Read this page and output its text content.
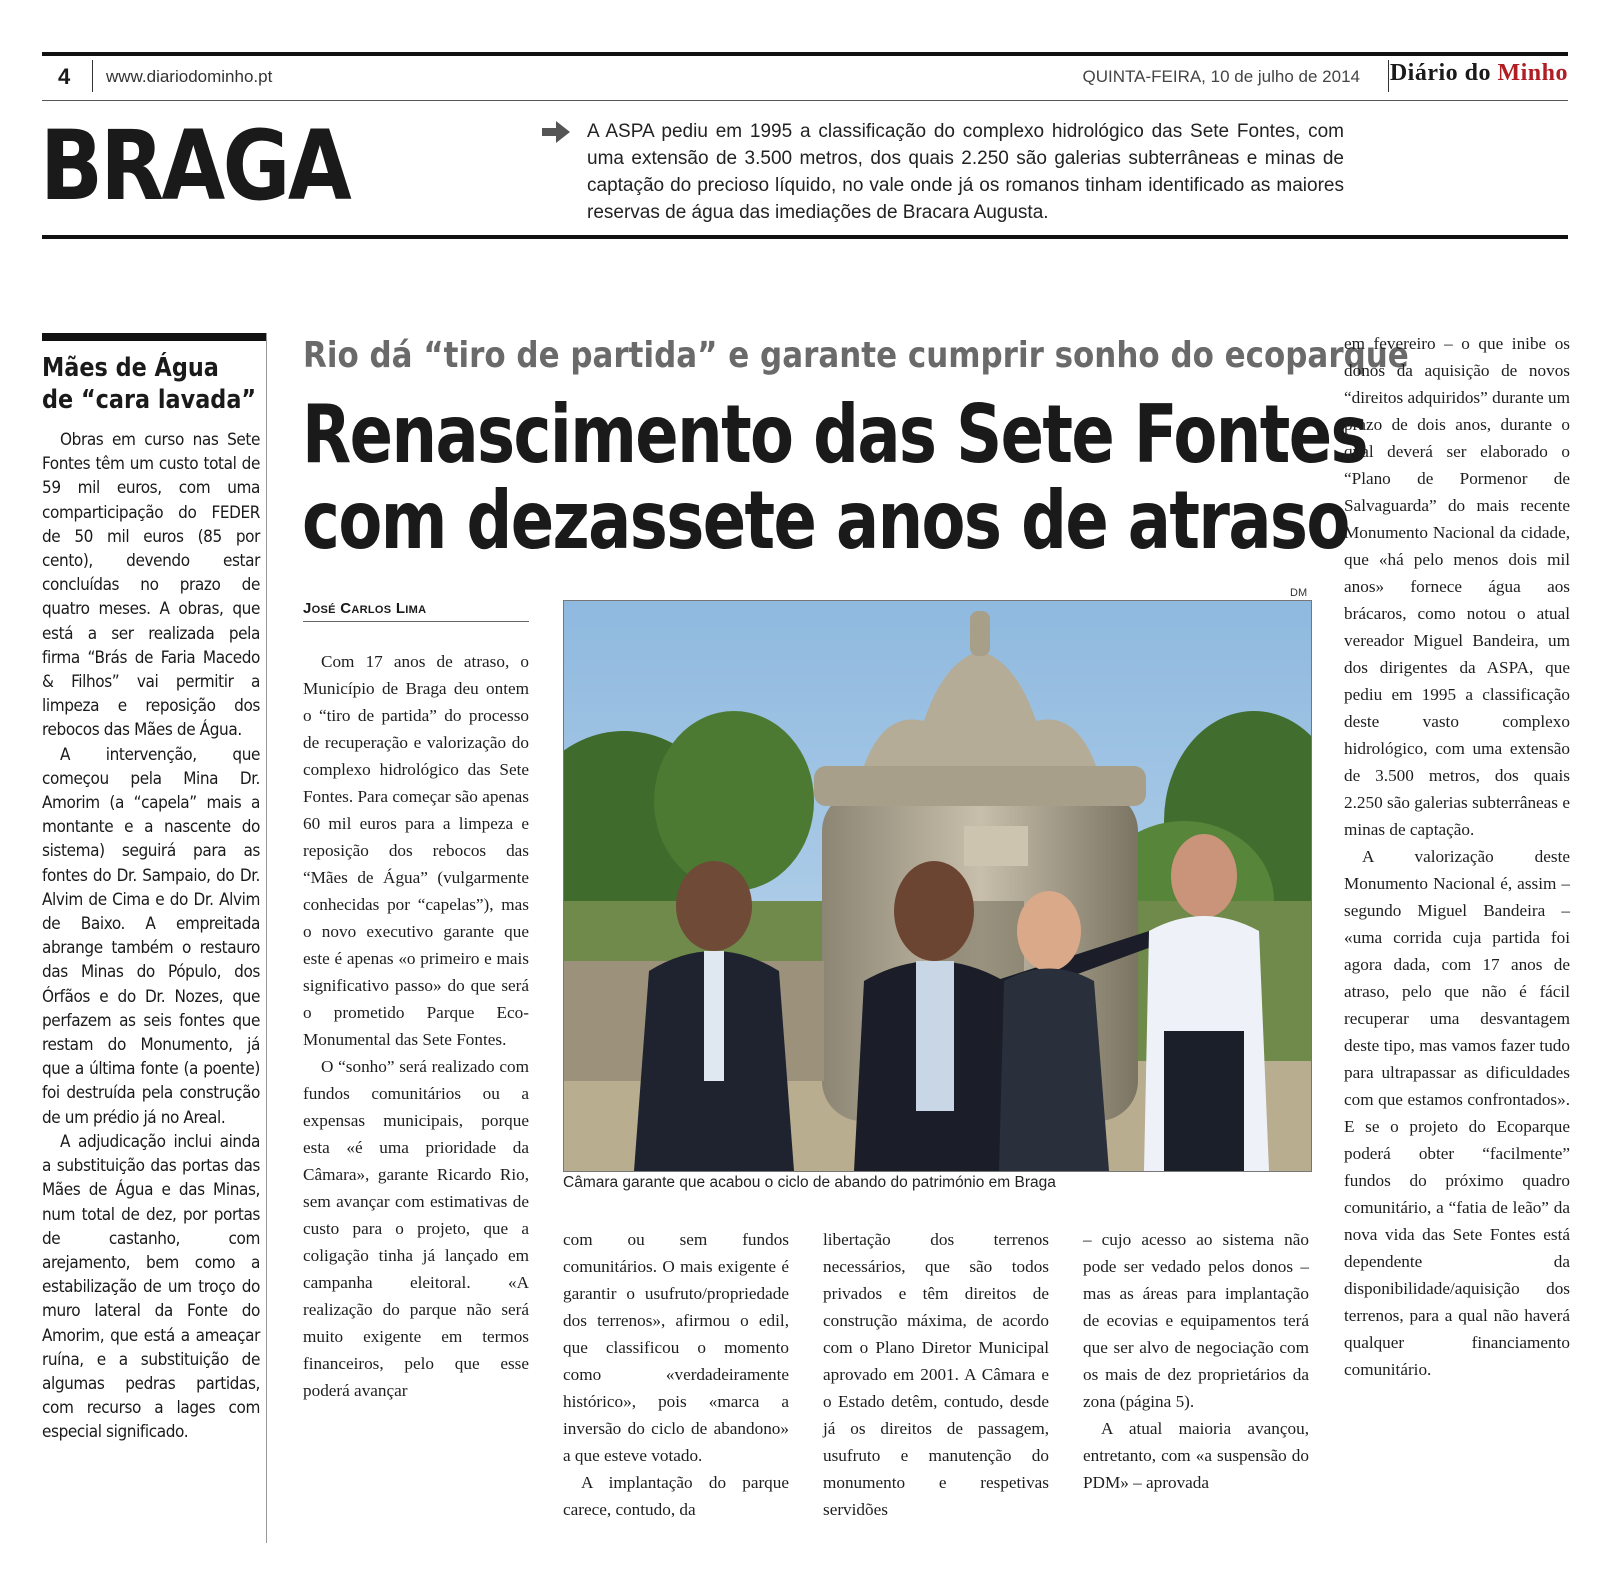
4 www.diariodominho.pt	QUINTA-FEIRA, 10 de julho de 2014 Diário do Minho
BRAGA	A ASPA pediu em 1995 a classificação do complexo hidrológico das Sete Fontes, com uma extensão de 3.500 metros, dos quais 2.250 são galerias subterrâneas e minas de captação do precioso líquido, no vale onde já os romanos tinham identificado as maiores reservas de água das imediações de Bracara Augusta.
Mães de Água
de “cara lavada”

Obras em curso nas Sete Fontes têm um custo total de 59 mil euros, com uma comparticipação do FEDER de 50 mil euros (85 por cento), devendo estar concluídas no prazo de quatro meses. A obras, que está a ser realizada pela firma “Brás de Faria Macedo & Filhos” vai permitir a limpeza e reposição dos rebocos das Mães de Água.

A intervenção, que começou pela Mina Dr. Amorim (a “capela” mais a montante e a nascente do sistema) seguirá para as fontes do Dr. Sampaio, do Dr. Alvim de Cima e do Dr. Alvim de Baixo. A empreitada abrange também o restauro das Minas do Pópulo, dos Órfãos e do Dr. Nozes, que perfazem as seis fontes que restam do Monumento, já que a última fonte (a poente) foi destruída pela construção de um prédio já no Areal.

A adjudicação inclui ainda a substituição das portas das Mães de Água e das Minas, num total de dez, por portas de castanho, com arejamento, bem como a estabilização de um troço do muro lateral da Fonte do Amorim, que está a ameaçar ruína, e a substituição de algumas pedras partidas, com recurso a lages com especial significado.

Rio dá “tiro de partida” e garante cumprir sonho do ecoparque
Renascimento das Sete Fontes
com dezassete anos de atraso
José Carlos Lima

Com 17 anos de atraso, o Município de Braga deu ontem o “tiro de partida” do processo de recuperação e valorização do complexo hidrológico das Sete Fontes. Para começar são apenas 60 mil euros para a limpeza e reposição dos rebocos das “Mães de Água” (vulgarmente conhecidas por “capelas”), mas o novo executivo garante que este é apenas «o primeiro e mais significativo passo» do que será o prometido Parque Eco-Monumental das Sete Fontes.

O “sonho” será realizado com fundos comunitários ou a expensas municipais, porque esta «é uma prioridade da Câmara», garante Ricardo Rio, sem avançar com estimativas de custo para o projeto, que a coligação tinha já lançado em campanha eleitoral. «A realização do parque não será muito exigente em termos financeiros, pelo que esse poderá avançar

DM
Câmara garante que acabou o ciclo de abando do património em Braga

com ou sem fundos comunitários. O mais exigente é garantir o usufruto/propriedade dos terrenos», afirmou o edil, que classificou o momento como «verdadeiramente histórico», pois «marca a inversão do ciclo de abandono» a que esteve votado.

A implantação do parque carece, contudo, da

libertação dos terrenos necessários, que são todos privados e têm direitos de construção máxima, de acordo com o Plano Diretor Municipal aprovado em 2001. A Câmara e o Estado detêm, contudo, desde já os direitos de passagem, usufruto e manutenção do monumento e respetivas servidões

– cujo acesso ao sistema não pode ser vedado pelos donos – mas as áreas para implantação de ecovias e equipamentos terá que ser alvo de negociação com os mais de dez proprietários da zona (página 5).

A atual maioria avançou, entretanto, com «a suspensão do PDM» – aprovada

em fevereiro – o que inibe os donos da aquisição de novos “direitos adquiridos” durante um prazo de dois anos, durante o qual deverá ser elaborado o “Plano de Pormenor de Salvaguarda” do mais recente Monumento Nacional da cidade, que «há pelo menos dois mil anos» fornece água aos brácaros, como notou o atual vereador Miguel Bandeira, um dos dirigentes da ASPA, que pediu em 1995 a classificação deste vasto complexo hidrológico, com uma extensão de 3.500 metros, dos quais 2.250 são galerias subterrâneas e minas de captação.

A valorização deste Monumento Nacional é, assim – segundo Miguel Bandeira – «uma corrida cuja partida foi agora dada, com 17 anos de atraso, pelo que não é fácil recuperar uma desvantagem deste tipo, mas vamos fazer tudo para ultrapassar as dificuldades com que estamos confrontados». E se o projeto do Ecoparque poderá obter “facilmente” fundos do próximo quadro comunitário, a “fatia de leão” da nova vida das Sete Fontes está dependente da disponibilidade/aquisição dos terrenos, para a qual não haverá qualquer financiamento comunitário.
